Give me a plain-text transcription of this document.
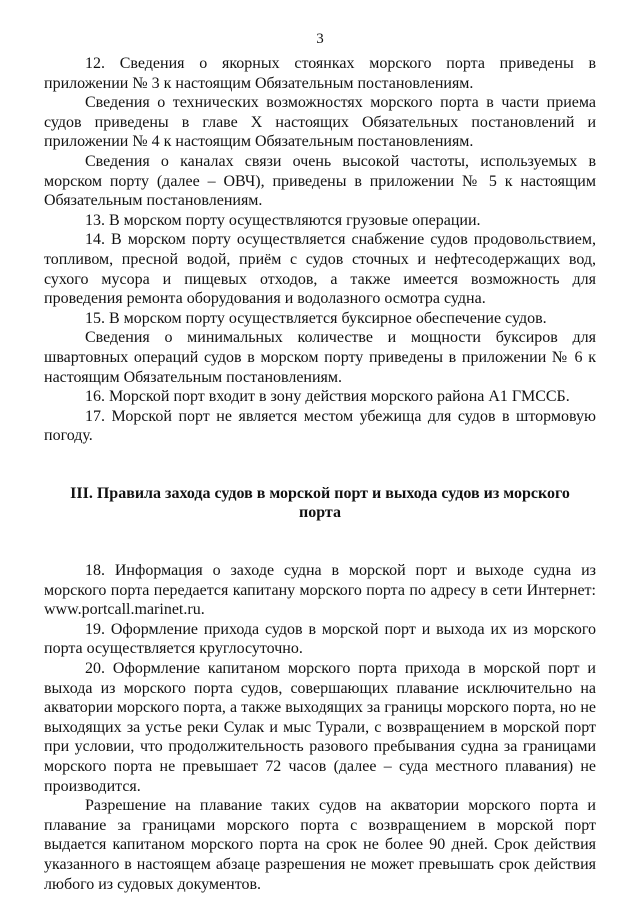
3

12. Сведения о якорных стоянках морского порта приведены в приложении № 3 к настоящим Обязательным постановлениям.

Сведения о технических возможностях морского порта в части приема судов приведены в главе X настоящих Обязательных постановлений и приложении № 4 к настоящим Обязательным постановлениям.

Сведения о каналах связи очень высокой частоты, используемых в морском порту (далее – ОВЧ), приведены в приложении № 5 к настоящим Обязательным постановлениям.

13. В морском порту осуществляются грузовые операции.

14. В морском порту осуществляется снабжение судов продовольствием, топливом, пресной водой, приём с судов сточных и нефтесодержащих вод, сухого мусора и пищевых отходов, а также имеется возможность для проведения ремонта оборудования и водолазного осмотра судна.

15. В морском порту осуществляется буксирное обеспечение судов.

Сведения о минимальных количестве и мощности буксиров для швартовных операций судов в морском порту приведены в приложении № 6 к настоящим Обязательным постановлениям.

16. Морской порт входит в зону действия морского района А1 ГМССБ.

17. Морской порт не является местом убежища для судов в штормовую погоду.

III. Правила захода судов в морской порт и выхода судов из морского порта

18. Информация о заходе судна в морской порт и выходе судна из морского порта передается капитану морского порта по адресу в сети Интернет: www.portcall.marinet.ru.

19. Оформление прихода судов в морской порт и выхода их из морского порта осуществляется круглосуточно.

20. Оформление капитаном морского порта прихода в морской порт и выхода из морского порта судов, совершающих плавание исключительно на акватории морского порта, а также выходящих за границы морского порта, но не выходящих за устье реки Сулак и мыс Турали, с возвращением в морской порт при условии, что продолжительность разового пребывания судна за границами морского порта не превышает 72 часов (далее – суда местного плавания) не производится.

Разрешение на плавание таких судов на акватории морского порта и плавание за границами морского порта с возвращением в морской порт выдается капитаном морского порта на срок не более 90 дней. Срок действия указанного в настоящем абзаце разрешения не может превышать срок действия любого из судовых документов.
